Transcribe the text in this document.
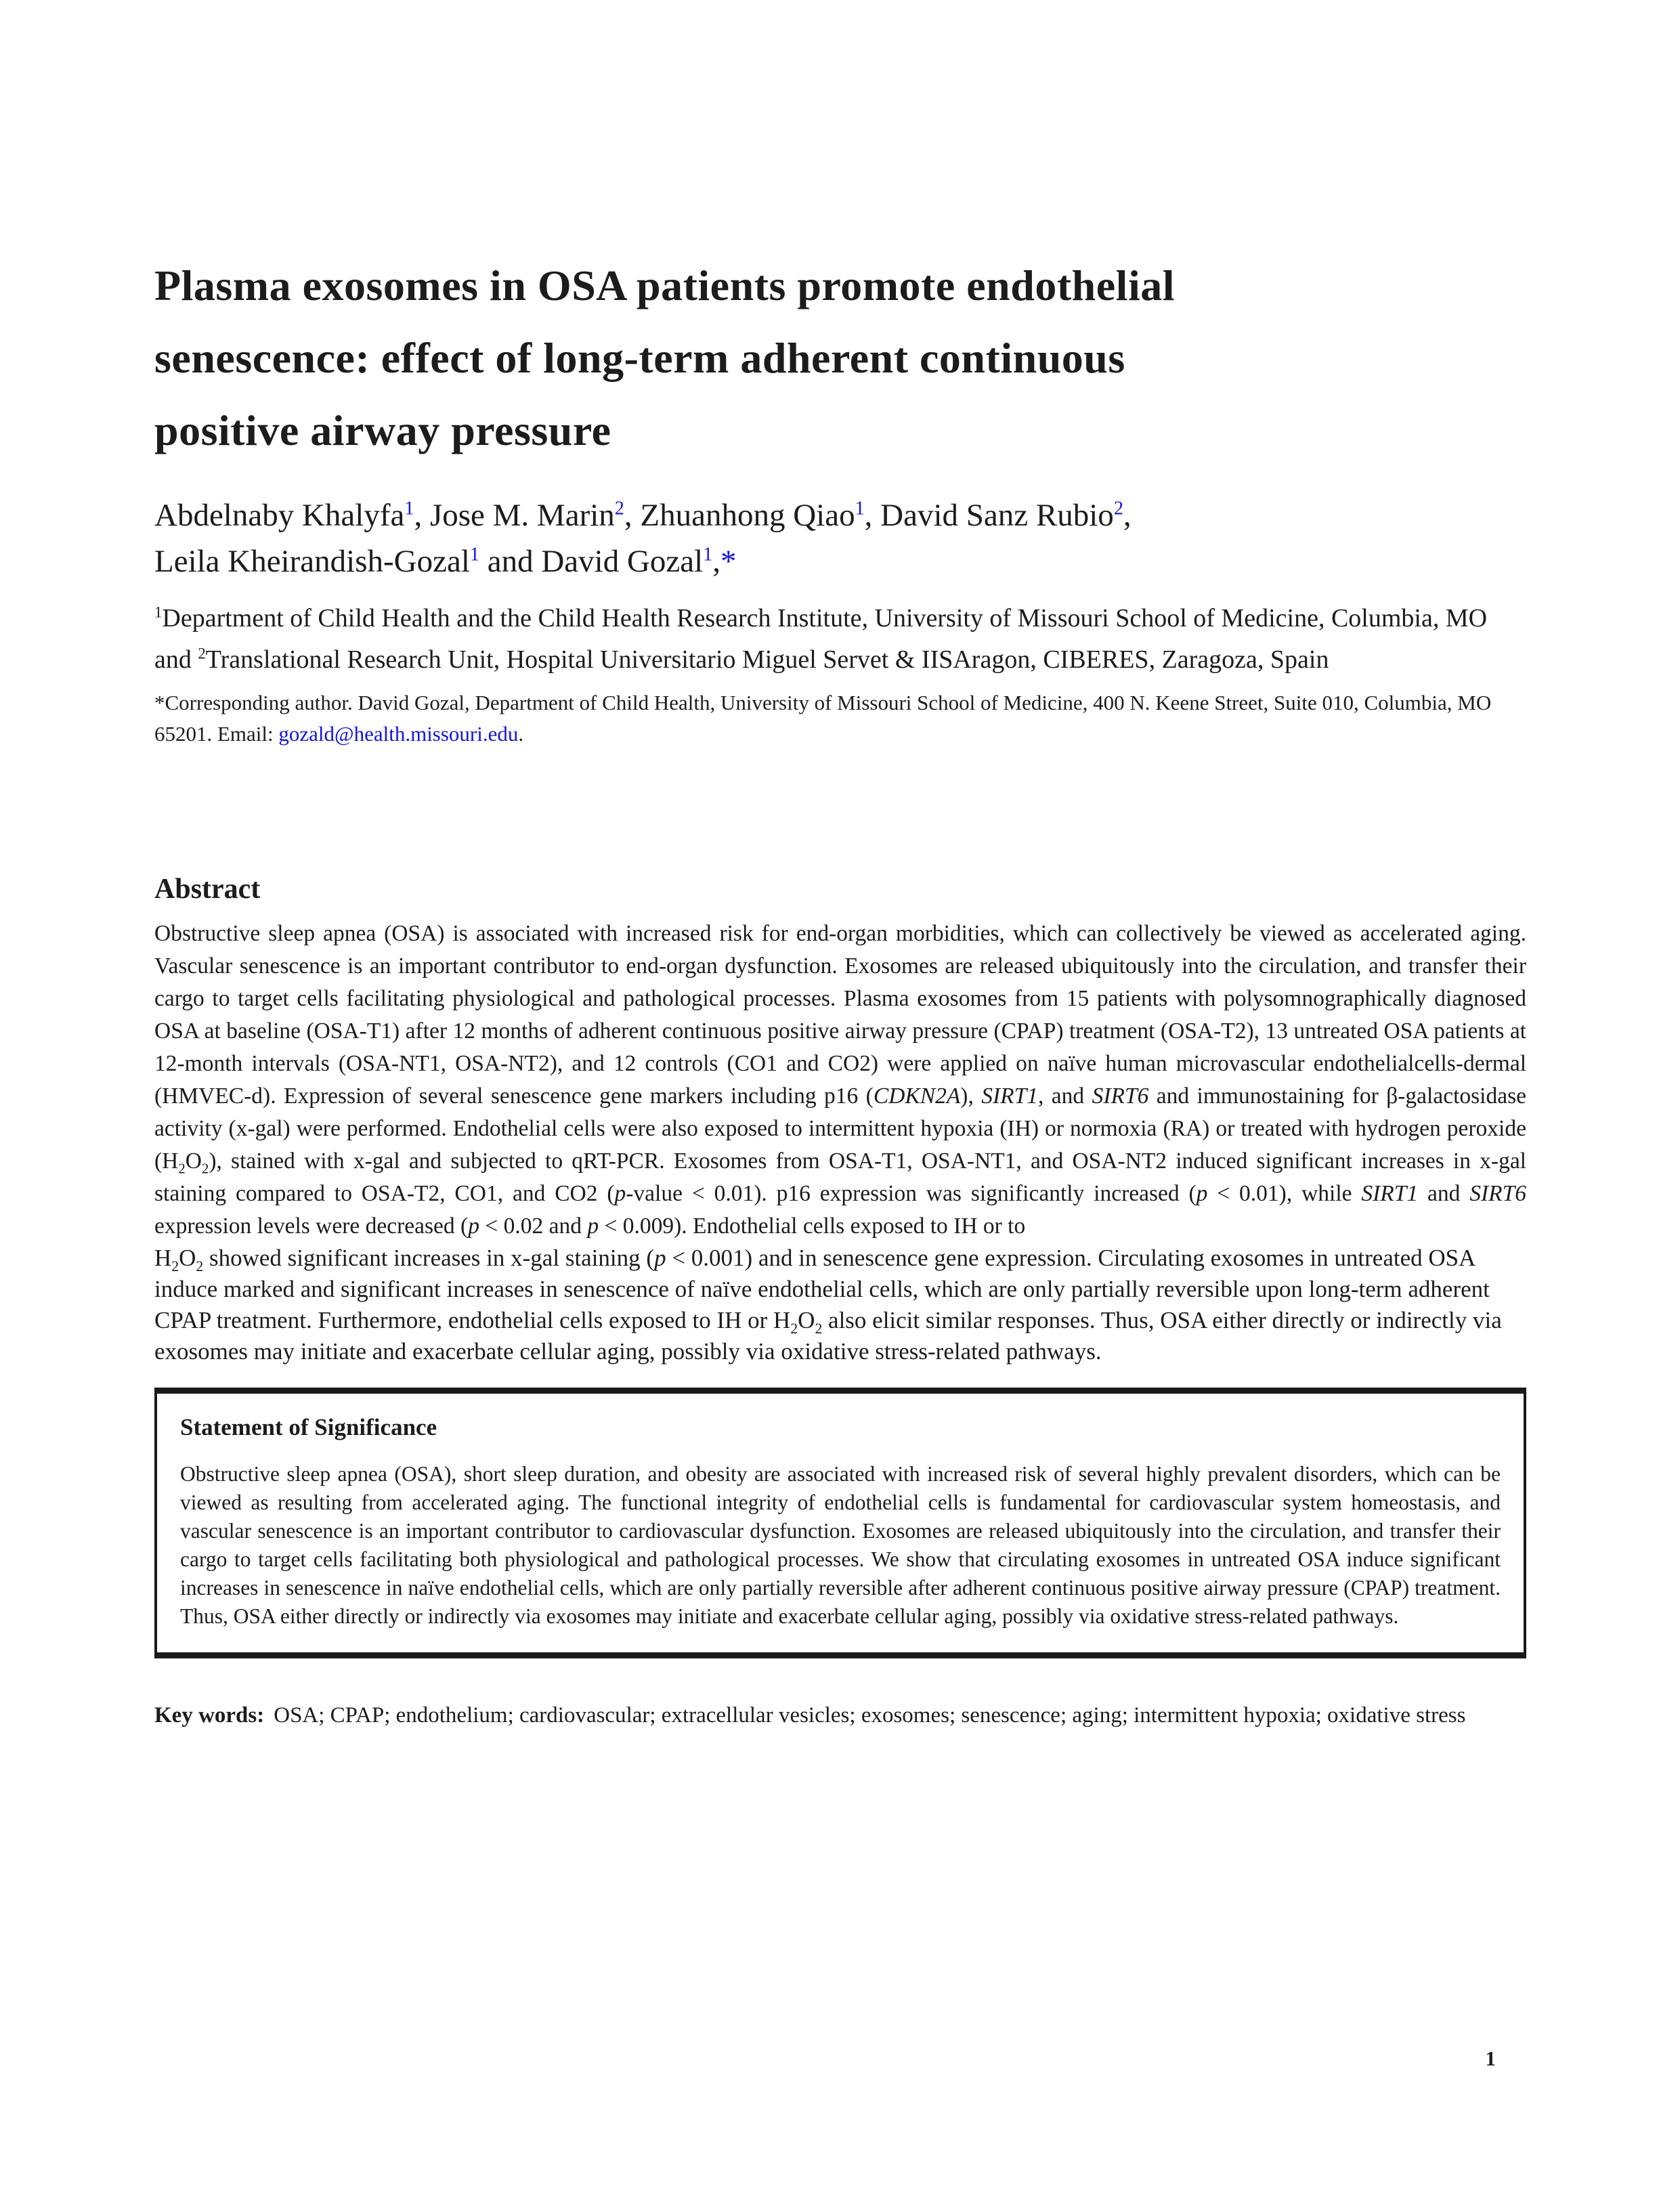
Plasma exosomes in OSA patients promote endothelial
senescence: effect of long-term adherent continuous
positive airway pressure
Abdelnaby Khalyfa$^1$, Jose M. Marin$^2$, Zhuanhong Qiao$^1$, David Sanz Rubio$^2$,
Leila Kheirandish-Gozal$^1$ and David Gozal$^1$,*
$^1$Department of Child Health and the Child Health Research Institute, University of Missouri School of Medicine, Columbia, MO and $^2$Translational Research Unit, Hospital Universitario Miguel Servet & IISAragon, CIBERES, Zaragoza, Spain
*Corresponding author. David Gozal, Department of Child Health, University of Missouri School of Medicine, 400 N. Keene Street, Suite 010, Columbia, MO 65201. Email: gozald@health.missouri.edu.
Abstract
Obstructive sleep apnea (OSA) is associated with increased risk for end-organ morbidities, which can collectively be viewed as accelerated aging. Vascular senescence is an important contributor to end-organ dysfunction. Exosomes are released ubiquitously into the circulation, and transfer their cargo to target cells facilitating physiological and pathological processes. Plasma exosomes from 15 patients with polysomnographically diagnosed OSA at baseline (OSA-T1) after 12 months of adherent continuous positive airway pressure (CPAP) treatment (OSA-T2), 13 untreated OSA patients at 12-month intervals (OSA-NT1, OSA-NT2), and 12 controls (CO1 and CO2) were applied on naïve human microvascular endothelialcells-dermal (HMVEC-d). Expression of several senescence gene markers including p16 (CDKN2A), SIRT1, and SIRT6 and immunostaining for β-galactosidase activity (x-gal) were performed. Endothelial cells were also exposed to intermittent hypoxia (IH) or normoxia (RA) or treated with hydrogen peroxide $(H_2O_2)$, stained with x-gal and subjected to qRT-PCR. Exosomes from OSA-T1, OSA-NT1, and OSA-NT2 induced significant increases in x-gal staining compared to OSA-T2, CO1, and CO2 (p-value < 0.01). p16 expression was significantly increased (p < 0.01), while SIRT1 and SIRT6 expression levels were decreased (p < 0.02 and p < 0.009). Endothelial cells exposed to IH or to
$H_2O_2$ showed significant increases in x-gal staining (p < 0.001) and in senescence gene expression. Circulating exosomes in untreated OSA induce marked and significant increases in senescence of naïve endothelial cells, which are only partially reversible upon long-term adherent CPAP treatment. Furthermore, endothelial cells exposed to IH or $H_2O_2$ also elicit similar responses. Thus, OSA either directly or indirectly via exosomes may initiate and exacerbate cellular aging, possibly via oxidative stress-related pathways.
Statement of Significance
Obstructive sleep apnea (OSA), short sleep duration, and obesity are associated with increased risk of several highly prevalent disorders, which can be viewed as resulting from accelerated aging. The functional integrity of endothelial cells is fundamental for cardiovascular system homeostasis, and vascular senescence is an important contributor to cardiovascular dysfunction. Exosomes are released ubiquitously into the circulation, and transfer their cargo to target cells facilitating both physiological and pathological processes. We show that circulating exosomes in untreated OSA induce significant increases in senescence in naïve endothelial cells, which are only partially reversible after adherent continuous positive airway pressure (CPAP) treatment. Thus, OSA either directly or indirectly via exosomes may initiate and exacerbate cellular aging, possibly via oxidative stress-related pathways.
Key words: OSA; CPAP; endothelium; cardiovascular; extracellular vesicles; exosomes; senescence; aging; intermittent hypoxia; oxidative stress
1
